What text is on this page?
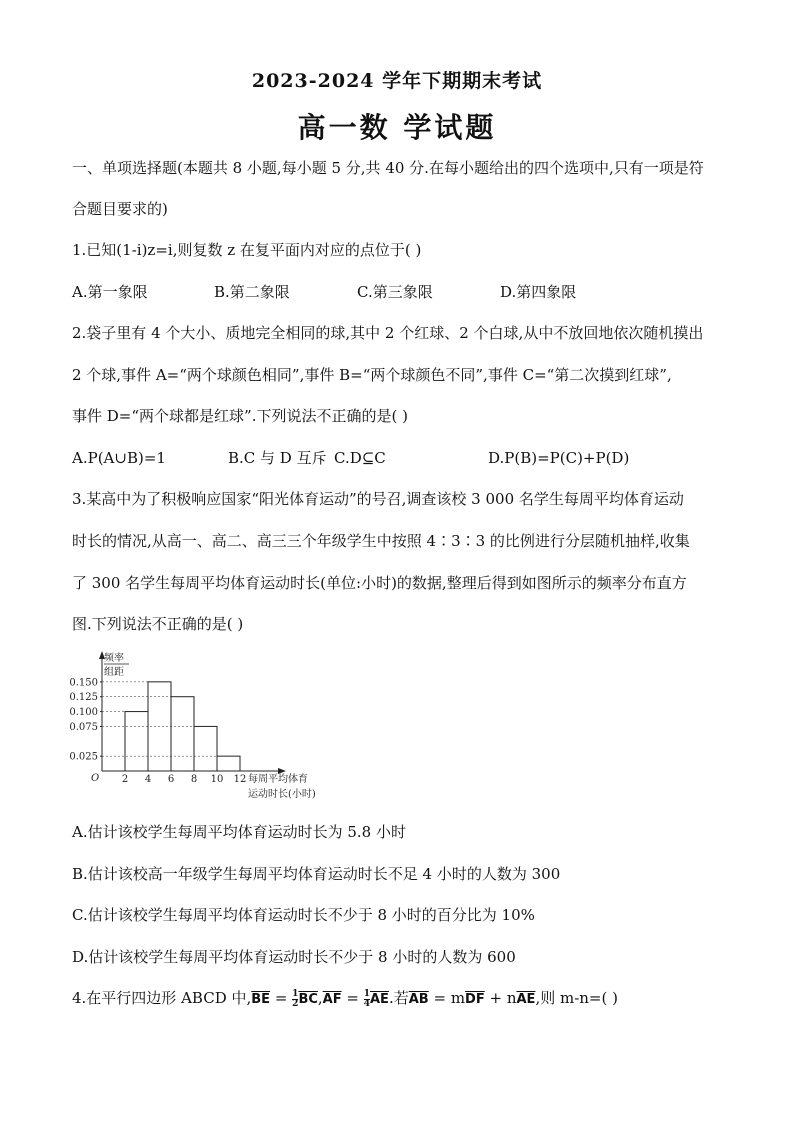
2023-2024 学年下期期末考试
高一数 学试题
一、单项选择题(本题共 8 小题,每小题 5 分,共 40 分.在每小题给出的四个选项中,只有一项是符
合题目要求的)
1.已知(1-i)z=i,则复数 z 在复平面内对应的点位于( )
A.第一象限	B.第二象限	C.第三象限	D.第四象限
2.袋子里有 4 个大小、质地完全相同的球,其中 2 个红球、2 个白球,从中不放回地依次随机摸出
2 个球,事件 A=“两个球颜色相同”,事件 B=“两个球颜色不同”,事件 C=“第二次摸到红球”,
事件 D=“两个球都是红球”.下列说法不正确的是( )
A.P(A∪B)=1	B.C 与 D 互斥 C.D⊆C	D.P(B)=P(C)+P(D)
3.某高中为了积极响应国家“阳光体育运动”的号召,调查该校 3 000 名学生每周平均体育运动
时长的情况,从高一、高二、高三三个年级学生中按照 4∶3∶3 的比例进行分层随机抽样,收集
了 300 名学生每周平均体育运动时长(单位:小时)的数据,整理后得到如图所示的频率分布直方
图.下列说法不正确的是( )
频率
组距
O	每周平均体育
运动时长(小时)
0.025
0.075
0.100
0.125
0.150
2 4 6 8 10 12
A.估计该校学生每周平均体育运动时长为 5.8 小时
B.估计该校高一年级学生每周平均体育运动时长不足 4 小时的人数为 300
C.估计该校学生每周平均体育运动时长不少于 8 小时的百分比为 10%
D.估计该校学生每周平均体育运动时长不少于 8 小时的人数为 600
4.在平行四边形 ABCD 中$,\overline{BE} = \frac{1}{2} \overline{BC},\overline{AF} = \frac{1}{4} \overline{AE}$.若$\overline{AB} = m\overline{DF} + n\overline{AE}$,则 m-n=( )
